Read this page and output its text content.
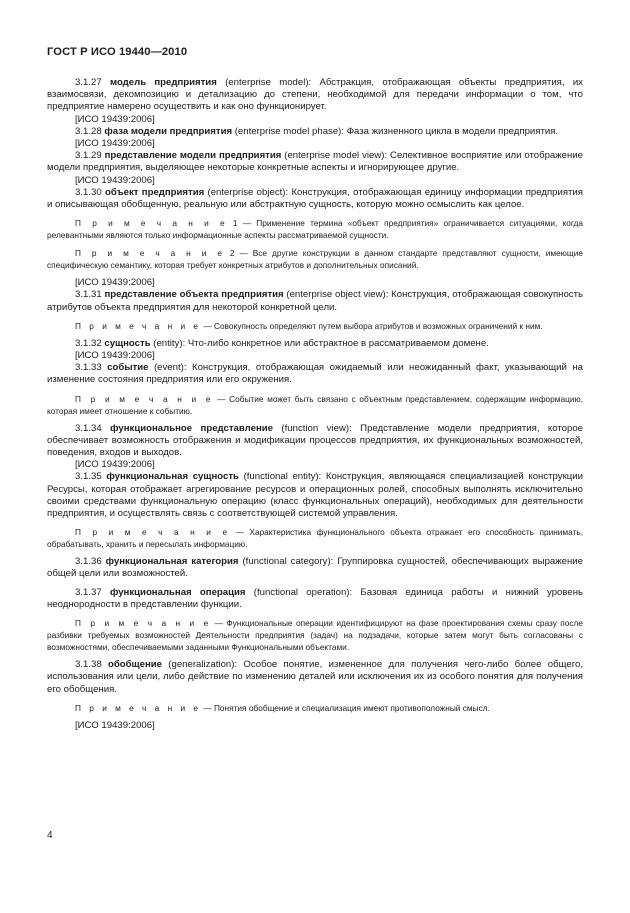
ГОСТ Р ИСО 19440—2010

3.1.27 модель предприятия (enterprise model): Абстракция, отображающая объекты предприятия, их взаимосвязи, декомпозицию и детализацию до степени, необходимой для передачи информации о том, что предприятие намерено осуществить и как оно функционирует.

[ИСО 19439:2006]

3.1.28 фаза модели предприятия (enterprise model phase): Фаза жизненного цикла в модели предприятия.

[ИСО 19439:2006]

3.1.29 представление модели предприятия (enterprise model view): Селективное восприятие или отображение модели предприятия, выделяющее некоторые конкретные аспекты и игнорирующее другие.

[ИСО 19439:2006]

3.1.30 объект предприятия (enterprise object): Конструкция, отображающая единицу информации предприятия и описывающая обобщенную, реальную или абстрактную сущность, которую можно осмыслить как целое.

П р и м е ч а н и е 1 — Применение термина «объект предприятия» ограничивается ситуациями, когда релевантными являются только информационные аспекты рассматриваемой сущности.

П р и м е ч а н и е 2 — Все другие конструкции в данном стандарте представляют сущности, имеющие специфическую семантику, которая требует конкретных атрибутов и дополнительных описаний.

[ИСО 19439:2006]

3.1.31 представление объекта предприятия (enterprise object view): Конструкция, отображающая совокупность атрибутов объекта предприятия для некоторой конкретной цели.

П р и м е ч а н и е — Совокупность определяют путем выбора атрибутов и возможных ограничений к ним.

3.1.32 сущность (entity): Что-либо конкретное или абстрактное в рассматриваемом домене.

[ИСО 19439:2006]

3.1.33 событие (event): Конструкция, отображающая ожидаемый или неожиданный факт, указывающий на изменение состояния предприятия или его окружения.

П р и м е ч а н и е — Событие может быть связано с объектным представлением, содержащим информацию, которая имеет отношение к событию.

3.1.34 функциональное представление (function view): Представление модели предприятия, которое обеспечивает возможность отображения и модификации процессов предприятия, их функциональных возможностей, поведения, входов и выходов.

[ИСО 19439:2006]

3.1.35 функциональная сущность (functional entity): Конструкция, являющаяся специализацией конструкции Ресурсы, которая отображает агрегирование ресурсов и операционных ролей, способных выполнять исключительно своими средствами функциональную операцию (класс функциональных операций), необходимых для деятельности предприятия, и осуществлять связь с соответствующей системой управления.

П р и м е ч а н и е — Характеристика функционального объекта отражает его способность принимать, обрабатывать, хранить и пересылать информацию.

3.1.36 функциональная категория (functional category): Группировка сущностей, обеспечивающих выражение общей цели или возможностей.

3.1.37 функциональная операция (functional operation): Базовая единица работы и нижний уровень неоднородности в представлении функции.

П р и м е ч а н и е — Функциональные операции идентифицируют на фазе проектирования схемы сразу после разбивки требуемых возможностей Деятельности предприятия (задач) на подзадачи, которые затем могут быть согласованы с возможностями, обеспечиваемыми заданными Функциональными объектами.

3.1.38 обобщение (generalization): Особое понятие, измененное для получения чего-либо более общего, использования или цели, либо действие по изменению деталей или исключения их из особого понятия для получения его обобщения.

П р и м е ч а н и е — Понятия обобщение и специализация имеют противоположный смысл.

[ИСО 19439:2006]

4
